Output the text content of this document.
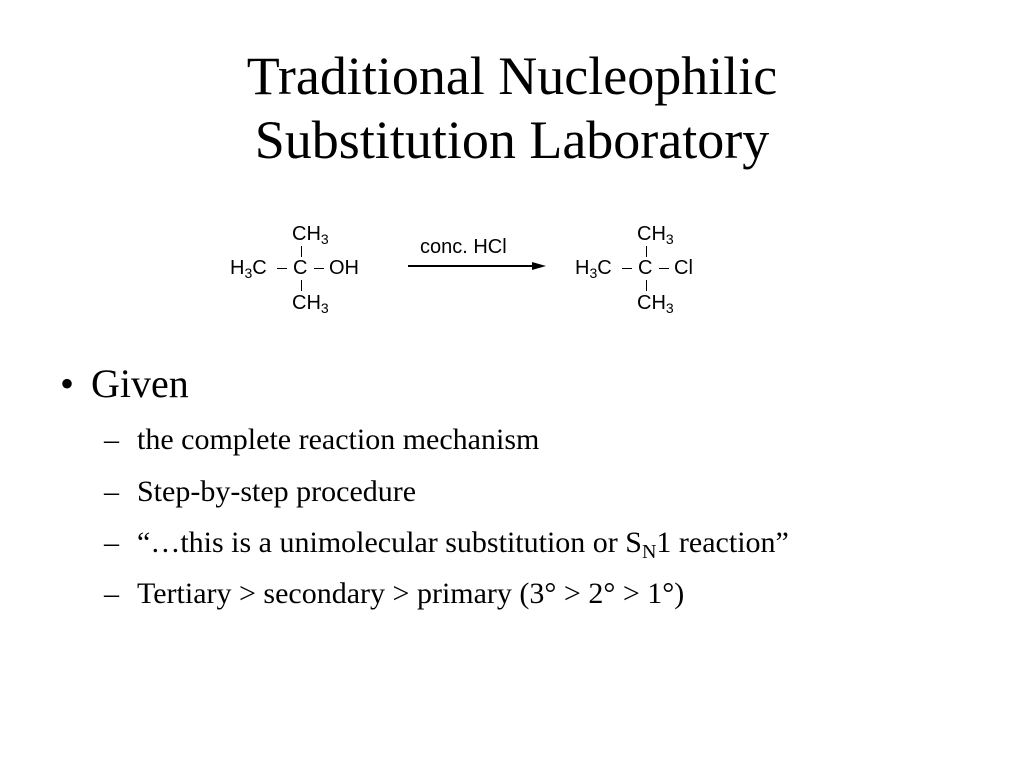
Traditional Nucleophilic
Substitution Laboratory
$CH_3$
$H_3C$ C OH
$CH_3$
conc. HCl
$CH_3$
$H_3C$ C Cl
$CH_3$
• Given
– the complete reaction mechanism
– Step-by-step procedure
– “…this is a unimolecular substitution or $S_N1$ reaction”
– Tertiary > secondary > primary (3° > 2° > 1°)
